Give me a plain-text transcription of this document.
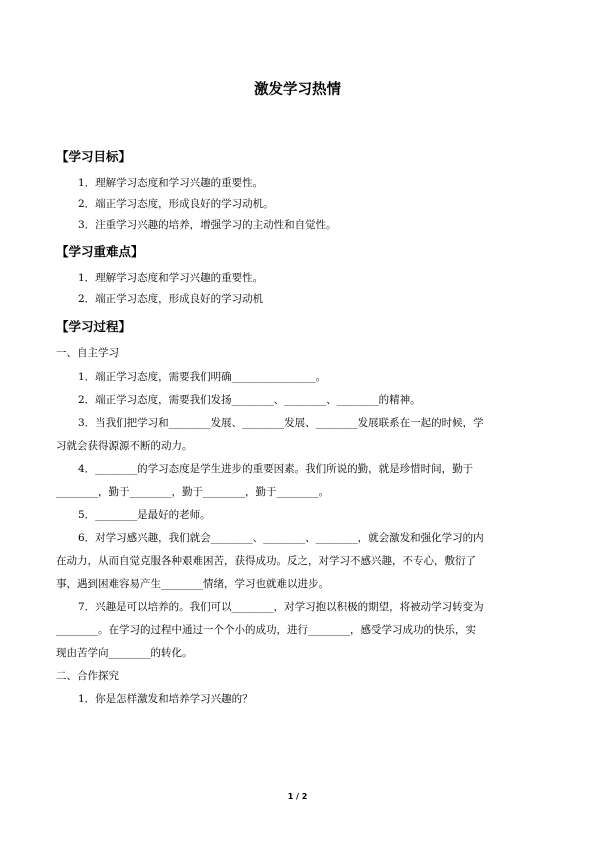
激发学习热情
【学习目标】
1．理解学习态度和学习兴趣的重要性。
2．端正学习态度，形成良好的学习动机。
3．注重学习兴趣的培养，增强学习的主动性和自觉性。
【学习重难点】
1．理解学习态度和学习兴趣的重要性。
2．端正学习态度，形成良好的学习动机
【学习过程】
一、自主学习
1．端正学习态度，需要我们明确________________。
2．端正学习态度，需要我们发扬________、________、________的精神。
3．当我们把学习和________发展、________发展、________发展联系在一起的时候，学
习就会获得源源不断的动力。
4．________的学习态度是学生进步的重要因素。我们所说的勤，就是珍惜时间，勤于
________，勤于________，勤于________，勤于________。
5．________是最好的老师。
6．对学习感兴趣，我们就会________、________、________，就会激发和强化学习的内
在动力，从而自觉克服各种艰难困苦，获得成功。反之，对学习不感兴趣，不专心，敷衍了
事，遇到困难容易产生________情绪，学习也就难以进步。
7．兴趣是可以培养的。我们可以________，对学习抱以积极的期望，将被动学习转变为
________。在学习的过程中通过一个个小的成功，进行________，感受学习成功的快乐，实
现由苦学向________的转化。
二、合作探究
1．你是怎样激发和培养学习兴趣的？
1 / 2
